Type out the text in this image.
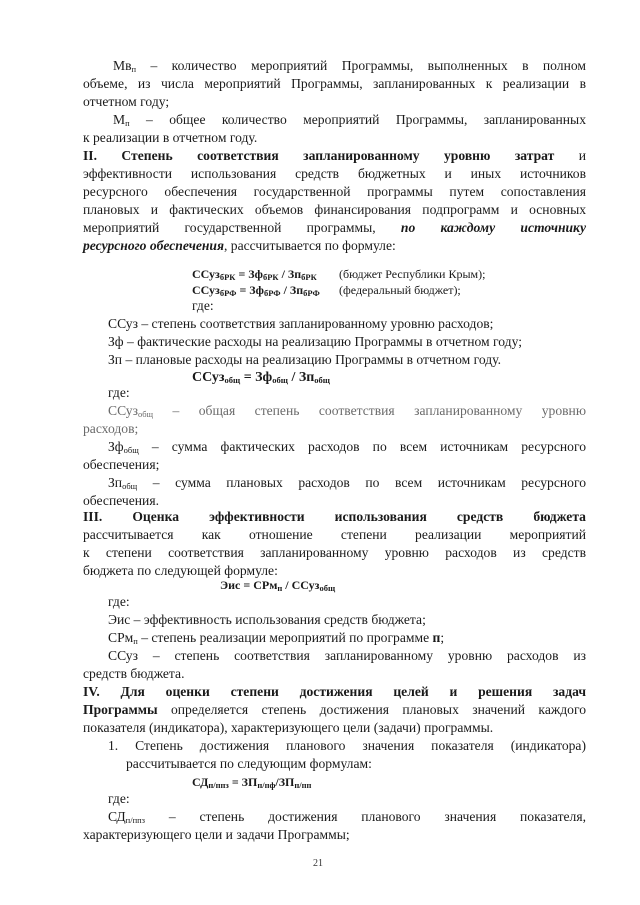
$Мв_п$ – количество мероприятий Программы, выполненных в полном
объеме, из числа мероприятий Программы, запланированных к реализации в
отчетном году;
$М_п$ – общее количество мероприятий Программы, запланированных
к реализации в отчетном году.
II. Степень соответствия запланированному уровню затрат и
эффективности использования средств бюджетных и иных источников
ресурсного обеспечения государственной программы путем сопоставления
плановых и фактических объемов финансирования подпрограмм и основных
мероприятий государственной программы, по каждому источнику
ресурсного обеспечения, рассчитывается по формуле:
ССуз$_{бРК}$ = $Зф_{бРК} / Зп_{бРК}$ (бюджет Республики Крым);
ССуз$_{бРФ}$ = $Зф_{бРФ} / Зп_{бРФ}$ (федеральный бюджет);
где:
ССуз – степень соответствия запланированному уровню расходов;
Зф – фактические расходы на реализацию Программы в отчетном году;
Зп – плановые расходы на реализацию Программы в отчетном году.
ССуз$_{общ}$ = $Зф_{общ} / Зп_{общ}$
где:
ССуз$_{общ}$ – общая степень соответствия запланированному уровню
расходов;
$Зф_{общ}$ – сумма фактических расходов по всем источникам ресурсного
обеспечения;
$Зп_{общ}$ – сумма плановых расходов по всем источникам ресурсного
обеспечения.
III. Оценка эффективности использования средств бюджета
рассчитывается как отношение степени реализации мероприятий
к степени соответствия запланированному уровню расходов из средств
бюджета по следующей формуле:
Эис = СРм$_п$ / ССуз$_{общ}$
где:
Эис – эффективность использования средств бюджета;
СРм$_п$ – степень реализации мероприятий по программе п;
ССуз – степень соответствия запланированному уровню расходов из
средств бюджета.
IV. Для оценки степени достижения целей и решения задач
Программы определяется степень достижения плановых значений каждого
показателя (индикатора), характеризующего цели (задачи) программы.
1. Степень достижения планового значения показателя (индикатора)
рассчитывается по следующим формулам:
$СД_{п/ппз} = ЗП_{п/пф}/ЗП_{п/пп}$
где:
$СД_{п/ппз}$ – степень достижения планового значения показателя,
характеризующего цели и задачи Программы;
21
